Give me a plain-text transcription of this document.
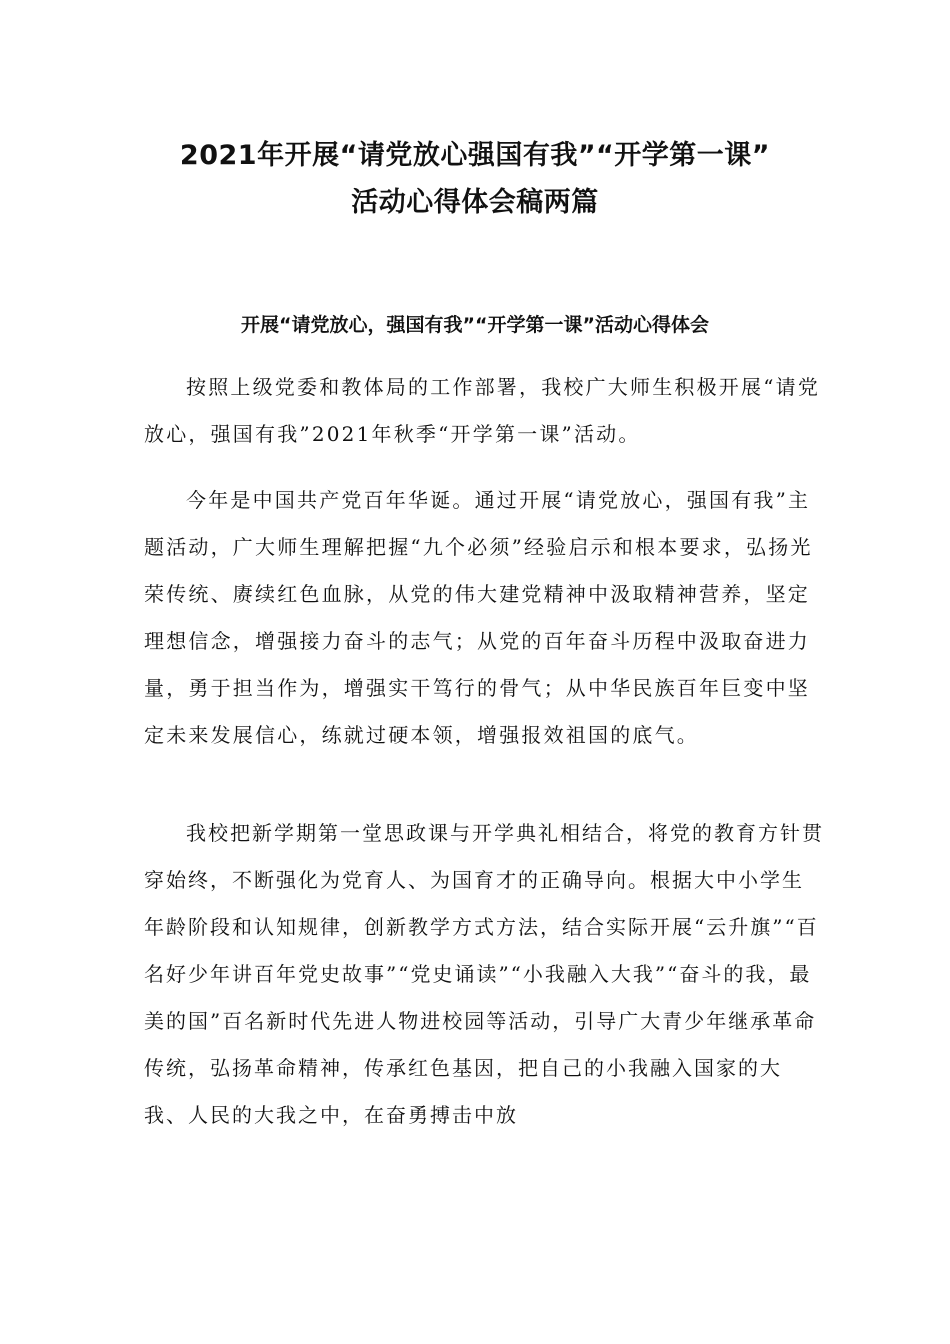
2021年开展“请党放心强国有我”“开学第一课”
活动心得体会稿两篇
开展“请党放心，强国有我”“开学第一课”活动心得体会

按照上级党委和教体局的工作部署，我校广大师生积极开展“请党放心，强国有我”2021年秋季“开学第一课”活动。

今年是中国共产党百年华诞。通过开展“请党放心，强国有我”主题活动，广大师生理解把握“九个必须”经验启示和根本要求，弘扬光荣传统、赓续红色血脉，从党的伟大建党精神中汲取精神营养，坚定理想信念，增强接力奋斗的志气；从党的百年奋斗历程中汲取奋进力量，勇于担当作为，增强实干笃行的骨气；从中华民族百年巨变中坚定未来发展信心，练就过硬本领，增强报效祖国的底气。

我校把新学期第一堂思政课与开学典礼相结合，将党的教育方针贯穿始终，不断强化为党育人、为国育才的正确导向。根据大中小学生年龄阶段和认知规律，创新教学方式方法，结合实际开展“云升旗”“百名好少年讲百年党史故事”“党史诵读”“小我融入大我”“奋斗的我，最美的国”百名新时代先进人物进校园等活动，引导广大青少年继承革命传统，弘扬革命精神，传承红色基因，把自己的小我融入国家的大我、人民的大我之中，在奋勇搏击中放
